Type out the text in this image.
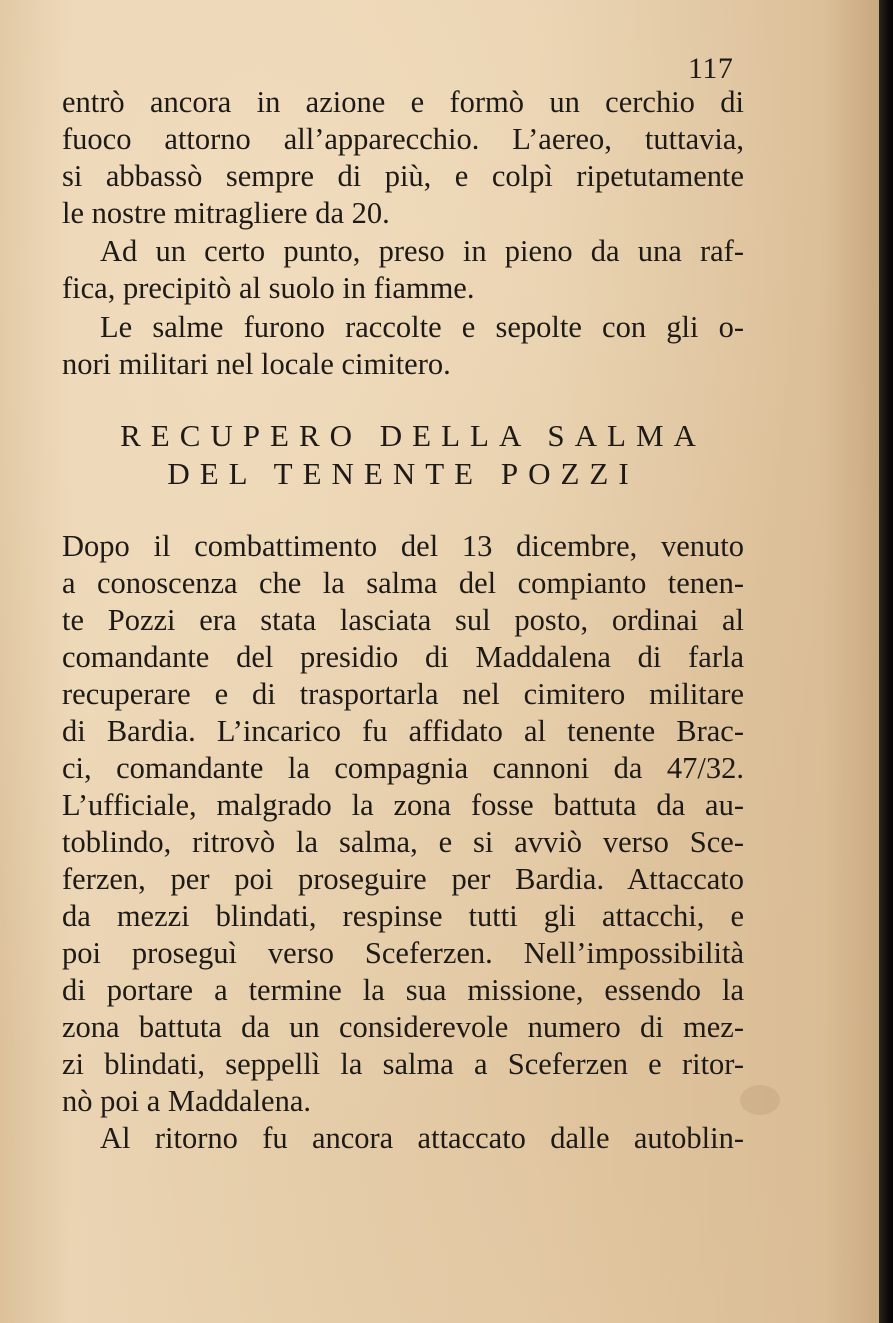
117
entrò ancora in azione e formò un cerchio di
fuoco attorno all’apparecchio. L’aereo, tuttavia,
si abbassò sempre di più, e colpì ripetutamente
le nostre mitragliere da 20.
Ad un certo punto, preso in pieno da una raf-
fica, precipitò al suolo in fiamme.
Le salme furono raccolte e sepolte con gli o-
nori militari nel locale cimitero.
RECUPERO DELLA SALMA
DEL TENENTE POZZI
Dopo il combattimento del 13 dicembre, venuto
a conoscenza che la salma del compianto tenen-
te Pozzi era stata lasciata sul posto, ordinai al
comandante del presidio di Maddalena di farla
recuperare e di trasportarla nel cimitero militare
di Bardia. L’incarico fu affidato al tenente Brac-
ci, comandante la compagnia cannoni da 47/32.
L’ufficiale, malgrado la zona fosse battuta da au-
toblindo, ritrovò la salma, e si avviò verso Sce-
ferzen, per poi proseguire per Bardia. Attaccato
da mezzi blindati, respinse tutti gli attacchi, e
poi proseguì verso Sceferzen. Nell’impossibilità
di portare a termine la sua missione, essendo la
zona battuta da un considerevole numero di mez-
zi blindati, seppellì la salma a Sceferzen e ritor-
nò poi a Maddalena.
Al ritorno fu ancora attaccato dalle autoblin-
